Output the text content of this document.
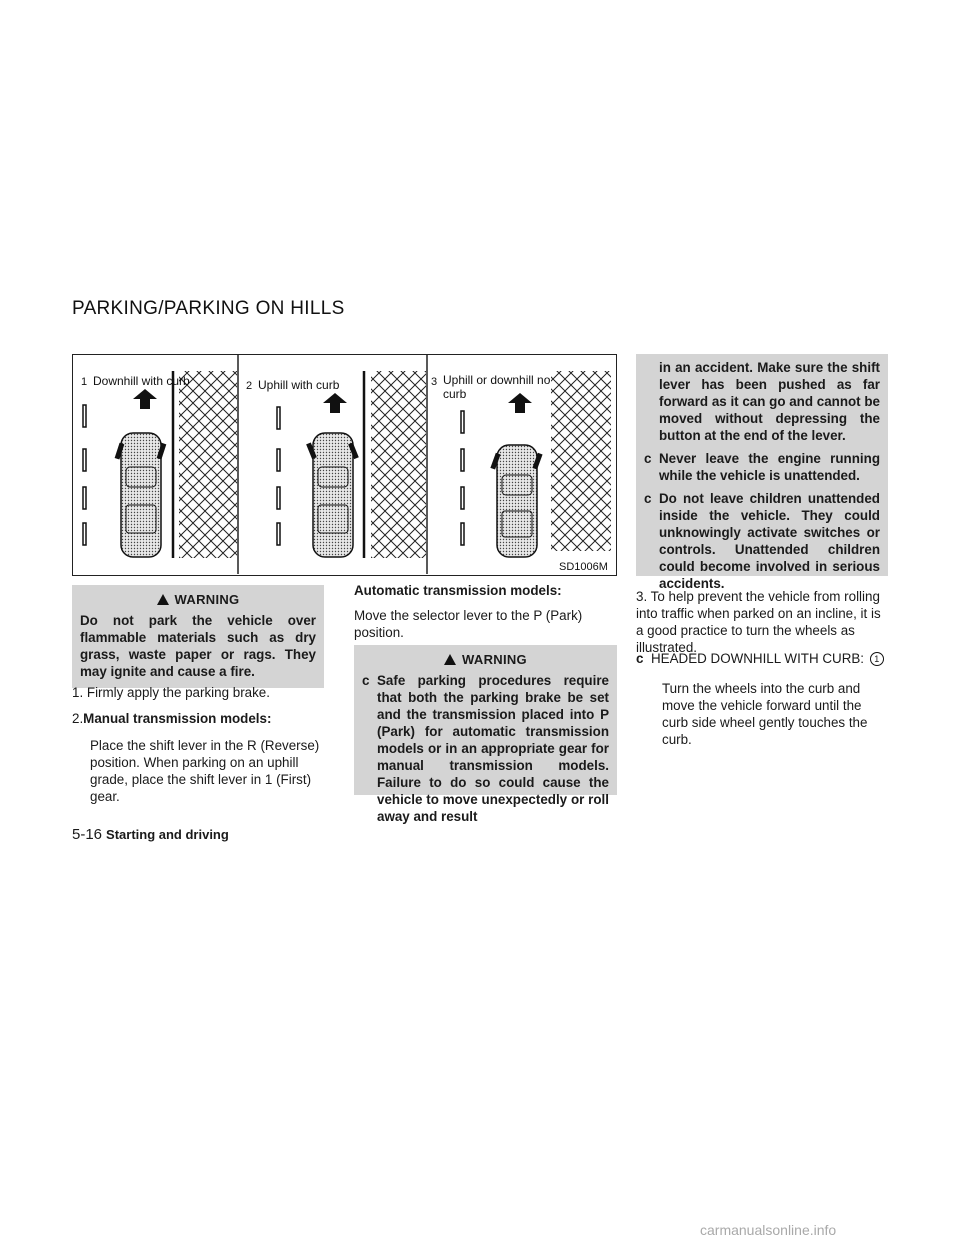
PARKING/PARKING ON HILLS
1 Downhill with curb	2 Uphill with curb	3 Uphill or downhill no curb
SD1006M
WARNING
Do not park the vehicle over flammable materials such as dry grass, waste paper or rags. They may ignite and cause a fire.
1. Firmly apply the parking brake.
2.Manual transmission models:
Place the shift lever in the R (Reverse) position. When parking on an uphill grade, place the shift lever in 1 (First) gear.
Automatic transmission models:
Move the selector lever to the P (Park) position.
WARNING
c Safe parking procedures require that both the parking brake be set and the transmission placed into P (Park) for automatic transmission models or in an appropriate gear for manual transmission models. Failure to do so could cause the vehicle to move unexpectedly or roll away and result
in an accident. Make sure the shift lever has been pushed as far forward as it can go and cannot be moved without depressing the button at the end of the lever.
c Never leave the engine running while the vehicle is unattended.
c Do not leave children unattended inside the vehicle. They could unknowingly activate switches or controls. Unattended children could become involved in serious accidents.
3. To help prevent the vehicle from rolling into traffic when parked on an incline, it is a good practice to turn the wheels as illustrated.
c HEADED DOWNHILL WITH CURB: 1
Turn the wheels into the curb and move the vehicle forward until the curb side wheel gently touches the curb.
5-16 Starting and driving
carmanualsonline.info
